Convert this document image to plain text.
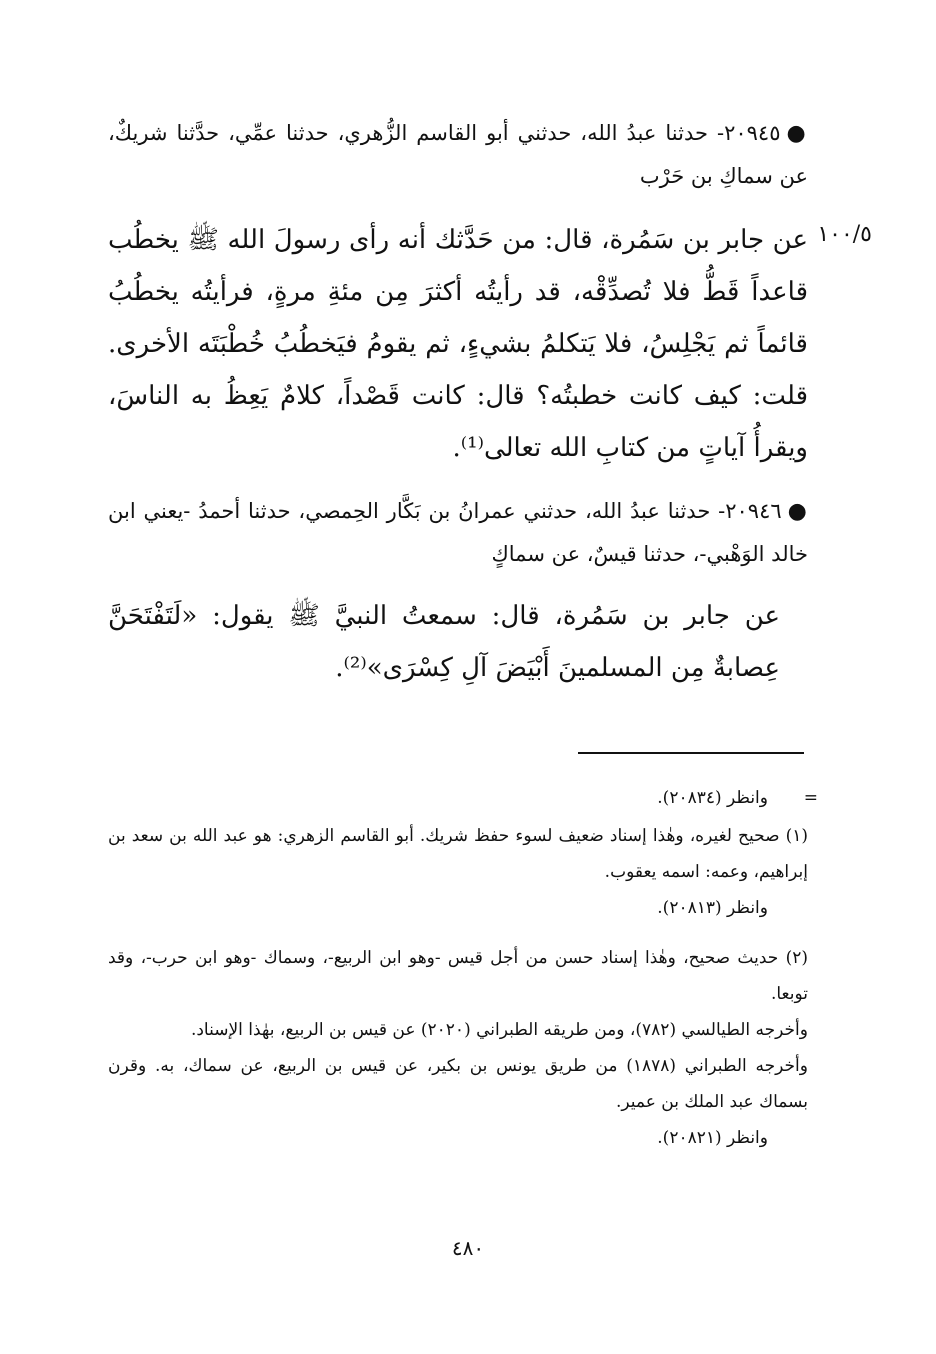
●٢٠٩٤٥- حدثنا عبدُ الله، حدثني أبو القاسم الزُّهري، حدثنا عمِّي، حدَّثنا شريكٌ، عن سماكِ بن حَرْب
١٠٠/٥
عن جابر بن سَمُرة، قال: من حَدَّثك أنه رأى رسولَ الله ﷺ يخطُب قاعداً قَطُّ فلا تُصدِّقْه، قد رأيتُه أكثرَ مِن مئةِ مرةٍ، فرأيتُه يخطُبُ قائماً ثم يَجْلِسُ، فلا يَتكلمُ بشيءٍ، ثم يقومُ فيَخطُبُ خُطْبَتَه الأخرى. قلت: كيف كانت خطبتُه؟ قال: كانت قَصْداً، كلامٌ يَعِظُ به الناسَ، ويقرأُ آياتٍ من كتابِ الله تعالى⁽¹⁾.
●٢٠٩٤٦- حدثنا عبدُ الله، حدثني عمرانُ بن بَكَّار الحِمصي، حدثنا أحمدُ -يعني ابن خالد الوَهْبي-، حدثنا قيسٌ، عن سماكٍ
عن جابر بن سَمُرة، قال: سمعتُ النبيَّ ﷺ يقول: «لَتَفْتَحَنَّ عِصابةٌ مِن المسلمينَ أَبْيَضَ آلِ كِسْرَى»⁽²⁾.
=
وانظر (٢٠٨٣٤).

(١) صحيح لغيره، وهٰذا إسناد ضعيف لسوء حفظ شريك. أبو القاسم الزهري: هو عبد الله بن سعد بن إبراهيم، وعمه: اسمه يعقوب.

وانظر (٢٠٨١٣).

(٢) حديث صحيح، وهٰذا إسناد حسن من أجل قيس -وهو ابن الربيع-، وسماك -وهو ابن حرب-، وقد توبعا.

وأخرجه الطيالسي (٧٨٢)، ومن طريقه الطبراني (٢٠٢٠) عن قيس بن الربيع، بهٰذا الإسناد.

وأخرجه الطبراني (١٨٧٨) من طريق يونس بن بكير، عن قيس بن الربيع، عن سماك، به. وقرن بسماك عبد الملك بن عمير.

وانظر (٢٠٨٢١).

٤٨٠
